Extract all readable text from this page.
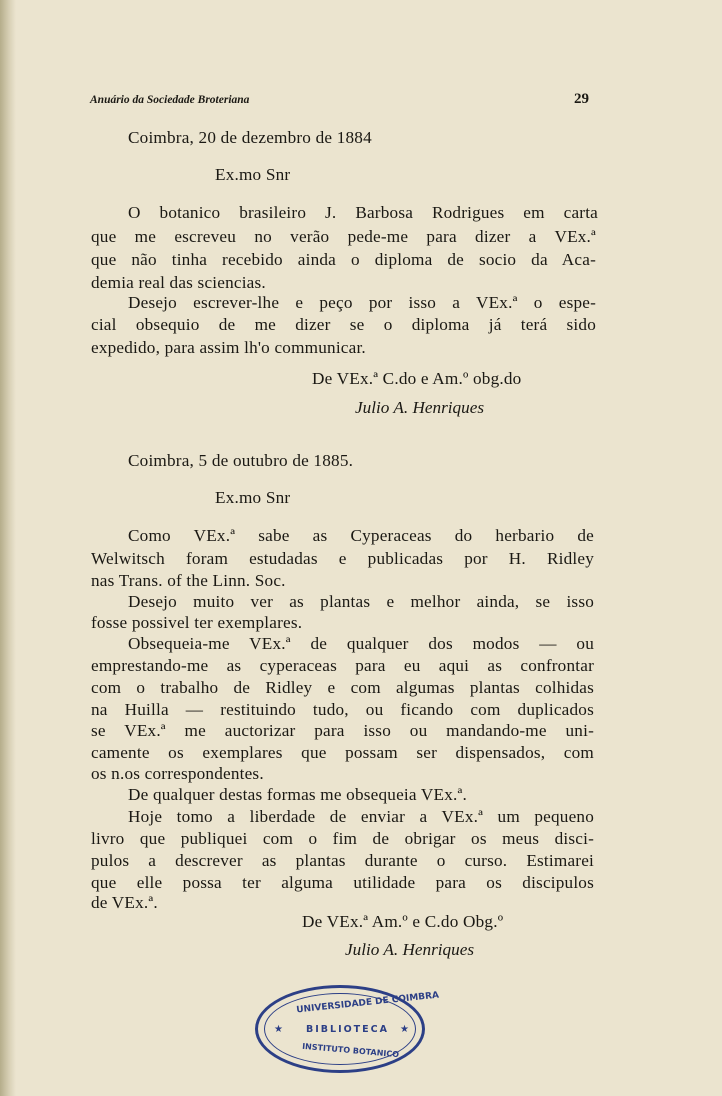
Anuário da Sociedade Broteriana	29
Coimbra, 20 de dezembro de 1884
Ex.mo Snr
O botanico brasileiro J. Barbosa Rodrigues em carta
que me escreveu no verão pede-me para dizer a VEx.ª
que não tinha recebido ainda o diploma de socio da Aca-
demia real das sciencias.
Desejo escrever-lhe e peço por isso a VEx.ª o espe-
cial obsequio de me dizer se o diploma já terá sido
expedido, para assim lh'o communicar.
De VEx.ª C.do e Am.º obg.do
Julio A. Henriques
Coimbra, 5 de outubro de 1885.
Ex.mo Snr
Como VEx.ª sabe as Cyperaceas do herbario de
Welwitsch foram estudadas e publicadas por H. Ridley
nas Trans. of the Linn. Soc.
Desejo muito ver as plantas e melhor ainda, se isso
fosse possivel ter exemplares.
Obsequeia-me VEx.ª de qualquer dos modos — ou
emprestando-me as cyperaceas para eu aqui as confrontar
com o trabalho de Ridley e com algumas plantas colhidas
na Huilla — restituindo tudo, ou ficando com duplicados
se VEx.ª me auctorizar para isso ou mandando-me uni-
camente os exemplares que possam ser dispensados, com
os n.os correspondentes.
De qualquer destas formas me obsequeia VEx.ª.
Hoje tomo a liberdade de enviar a VEx.ª um pequeno
livro que publiquei com o fim de obrigar os meus disci-
pulos a descrever as plantas durante o curso. Estimarei
que elle possa ter alguma utilidade para os discipulos
de VEx.ª.
De VEx.ª Am.º e C.do Obg.º
Julio A. Henriques
UNIVERSIDADE DE COIMBRA
★ BIBLIOTECA ★
INSTITUTO BOTANICO
